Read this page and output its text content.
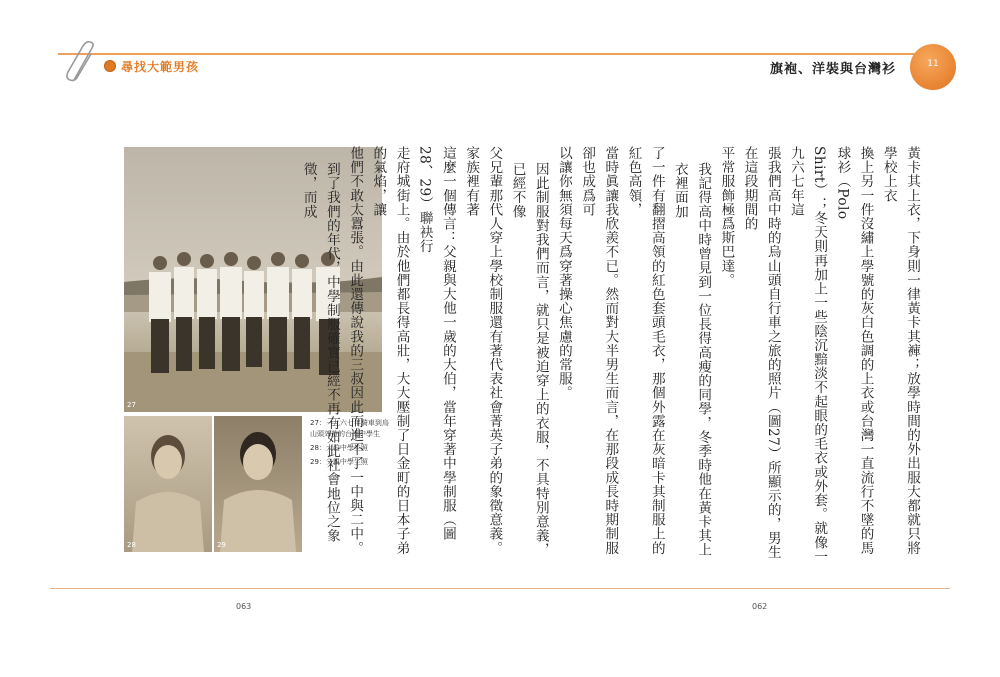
尋找大範男孩	旗袍、洋裝與台灣衫	11
27
28	29
27：一九六七年騎車到烏山頭郊遊的台南中學生
28：大伯中學生照
29：父親中學生照	黃卡其上衣，下身則一律黃卡其褲；放學時間的外出服大都就只將學校上衣

換上另一件沒繡上學號的灰白色調的上衣或台灣一直流行不墜的馬球衫（Polo

Shirt）；冬天則再加上一些陰沉黯淡不起眼的毛衣或外套。就像一九六七年這

張我們高中時的烏山頭自行車之旅的照片（圖27）所顯示的，男生在這段期間的

平常服飾極爲斯巴達。

我記得高中時曾見到一位長得高瘦的同學，冬季時他在黃卡其上衣裡面加

了一件有翻摺高領的紅色套頭毛衣，那個外露在灰暗卡其制服上的紅色高領，

當時眞讓我欣羨不已。然而對大半男生而言，在那段成長時期制服卻也成爲可

以讓你無須每天爲穿著操心焦慮的常服。

因此制服對我們而言，就只是被迫穿上的衣服，不具特別意義，已經不像

父兄輩那代人穿上學校制服還有著代表社會菁英子弟的象徵意義。家族裡有著

這麼一個傳言：父親與大他一歲的大伯，當年穿著中學制服（圖28、29）聯袂行

走府城街上。由於他們都長得高壯，大大壓制了日金町的日本子弟的氣焰，讓

他們不敢太囂張。由此還傳說我的三叔因此而進不了一中與二中。

到了我們的年代，中學制服確實已經不再有如此社會地位之象徵，而成

063	062
